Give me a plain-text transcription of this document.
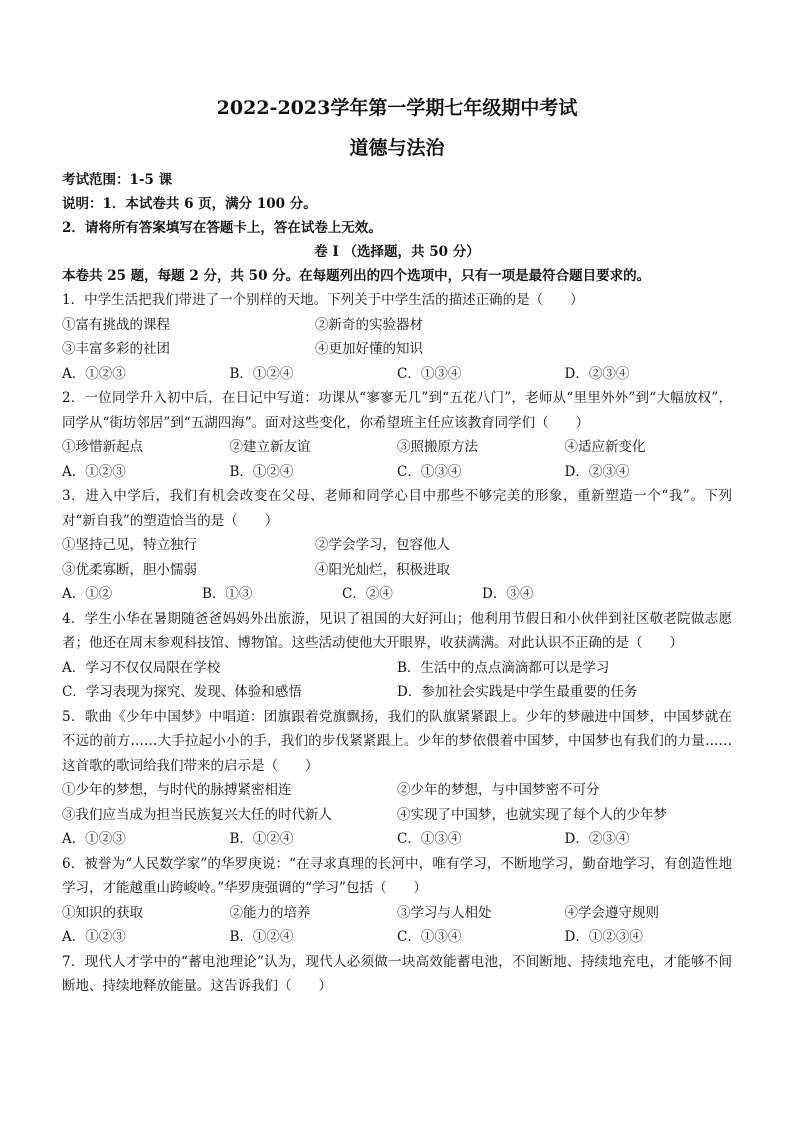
2022-2023学年第一学期七年级期中考试
道德与法治
考试范围：1-5 课
说明：1．本试卷共 6 页，满分 100 分。
2．请将所有答案填写在答题卡上，答在试卷上无效。
卷 I （选择题，共 50 分）
本卷共 25 题，每题 2 分，共 50 分。在每题列出的四个选项中，只有一项是最符合题目要求的。
1．中学生活把我们带进了一个别样的天地。下列关于中学生活的描述正确的是（　　）
①富有挑战的课程	②新奇的实验器材
③丰富多彩的社团	④更加好懂的知识
A．①②③	B．①②④	C．①③④	D．②③④
2．一位同学升入初中后，在日记中写道：功课从“寥寥无几”到“五花八门”，老师从“里里外外”到“大幅放权”，同学从“街坊邻居”到“五湖四海”。面对这些变化，你希望班主任应该教育同学们（　　）
①珍惜新起点	②建立新友谊	③照搬原方法	④适应新变化
A．①②③	B．①②④	C．①③④	D．②③④
3．进入中学后，我们有机会改变在父母、老师和同学心目中那些不够完美的形象，重新塑造一个“我”。下列对“新自我”的塑造恰当的是（　　）
①坚持己见，特立独行	②学会学习，包容他人
③优柔寡断，胆小懦弱	④阳光灿烂，积极进取
A．①②	B．①③	C．②④	D．③④
4．学生小华在暑期随爸爸妈妈外出旅游，见识了祖国的大好河山；他利用节假日和小伙伴到社区敬老院做志愿者；他还在周末参观科技馆、博物馆。这些活动使他大开眼界，收获满满。对此认识不正确的是（　　）
A．学习不仅仅局限在学校	B．生活中的点点滴滴都可以是学习
C．学习表现为探究、发现、体验和感悟	D．参加社会实践是中学生最重要的任务
5．歌曲《少年中国梦》中唱道：团旗跟着党旗飘扬，我们的队旗紧紧跟上。少年的梦融进中国梦，中国梦就在不远的前方……大手拉起小小的手，我们的步伐紧紧跟上。少年的梦依偎着中国梦，中国梦也有我们的力量……这首歌的歌词给我们带来的启示是（　　）
①少年的梦想，与时代的脉搏紧密相连	②少年的梦想，与中国梦密不可分
③我们应当成为担当民族复兴大任的时代新人	④实现了中国梦，也就实现了每个人的少年梦
A．①②③	B．①②④	C．①③④	D．②③④
6．被誉为“人民数学家”的华罗庚说：“在寻求真理的长河中，唯有学习，不断地学习，勤奋地学习，有创造性地学习，才能越重山跨峻岭。”华罗庚强调的“学习”包括（　　）
①知识的获取	②能力的培养	③学习与人相处	④学会遵守规则
A．①②③	B．①②④	C．①③④	D．①②③④
7．现代人才学中的“蓄电池理论”认为，现代人必须做一块高效能蓄电池，不间断地、持续地充电，才能够不间断地、持续地释放能量。这告诉我们（　　）
